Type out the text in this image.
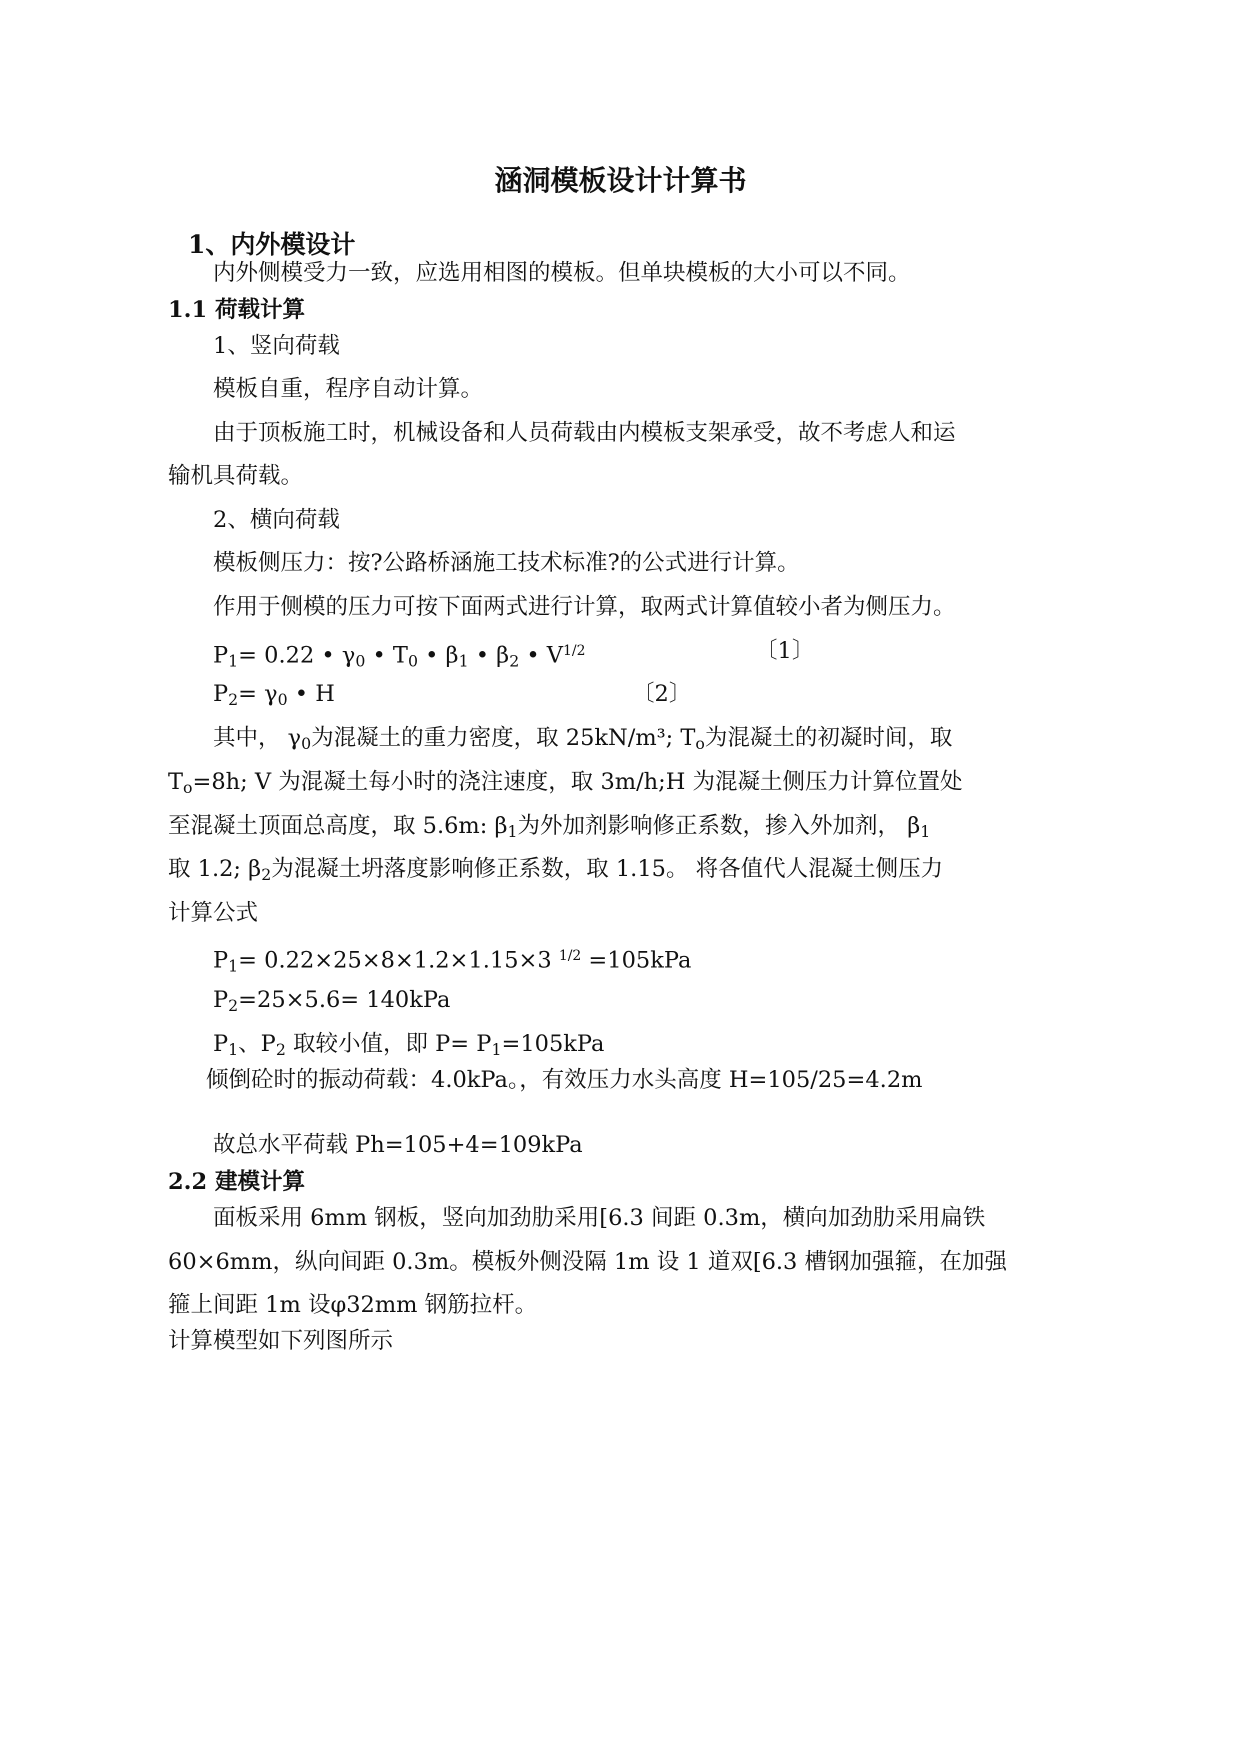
涵洞模板设计计算书
1、内外模设计
内外侧模受力一致，应选用相图的模板。但单块模板的大小可以不同。
1.1 荷载计算
1、竖向荷载
模板自重，程序自动计算。
由于顶板施工时，机械设备和人员荷载由内模板支架承受，故不考虑人和运
输机具荷载。
2、横向荷载
模板侧压力：按?公路桥涵施工技术标准?的公式进行计算。
作用于侧模的压力可按下面两式进行计算，取两式计算值较小者为侧压力。
$P_1= 0.22$ • $\gamma_0$ • $T_0$ • $\beta_1$ • $\beta_2$ • $V^{1/2}$	〔1〕
$P_2= \gamma_0$ • H	〔2〕
其中， $\gamma_0$为混凝土的重力密度，取 25kN/m³; $T_o$为混凝土的初凝时间，取
$T_o=8h$; V 为混凝土每小时的浇注速度，取 3m/h;H 为混凝土侧压力计算位置处
至混凝土顶面总高度，取 5.6m: $\beta_1$为外加剂影响修正系数，掺入外加剂， $\beta_1$
取 1.2; $\beta_2$为混凝土坍落度影响修正系数，取 1.15。 将各值代人混凝土侧压力
计算公式
$P_1= 0.22\times 25\times 8\times 1.2\times 1.15\times 3$ $^{1/2}$ =105kPa
$P_2=25\times 5.6= 140kPa$
$P_1$、$P_2$ 取较小值，即 $P= P_1=105kPa$
倾倒砼时的振动荷载：4.0kPa。，有效压力水头高度 H=105/25=4.2m
故总水平荷载 Ph=105+4=109kPa
2.2 建模计算
面板采用 6mm 钢板，竖向加劲肋采用[6.3 间距 0.3m，横向加劲肋采用扁铁
60×6mm，纵向间距 0.3m。模板外侧没隔 1m 设 1 道双[6.3 槽钢加强箍，在加强
箍上间距 1m 设φ32mm 钢筋拉杆。
计算模型如下列图所示
